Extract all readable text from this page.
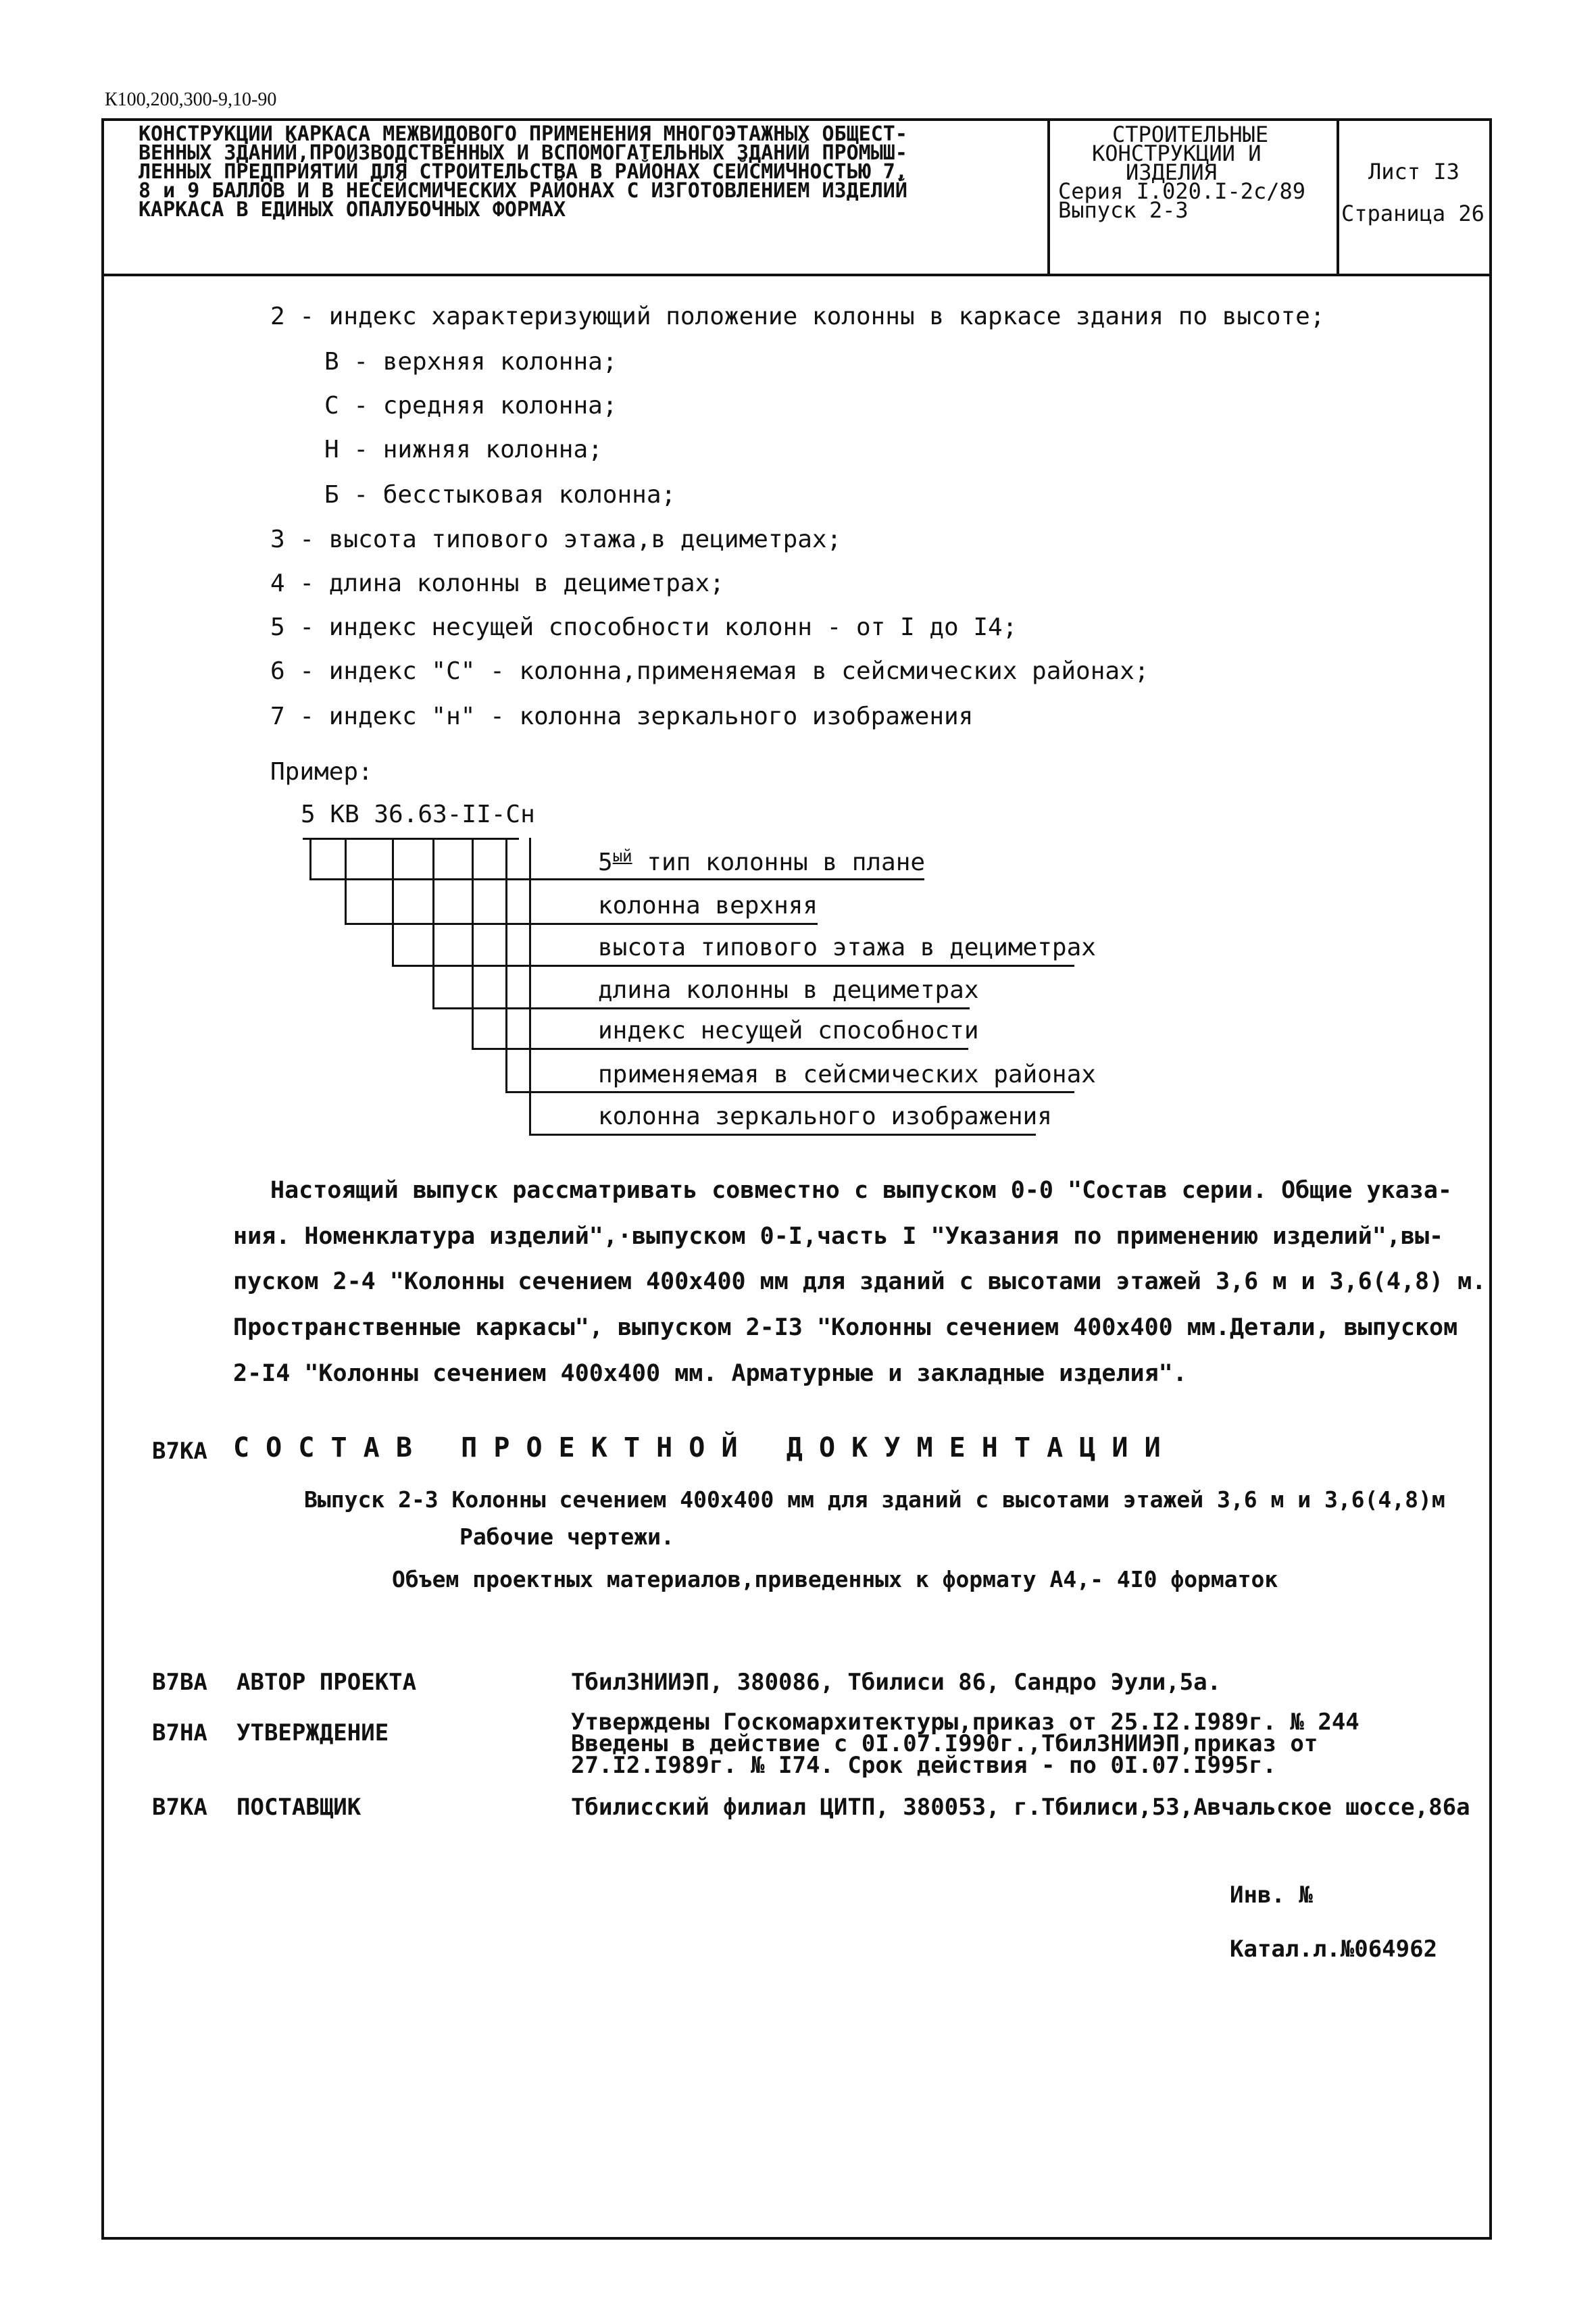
К100,200,300-9,10-90
КОНСТРУКЦИИ КАРКАСА МЕЖВИДОВОГО ПРИМЕНЕНИЯ МНОГОЭТАЖНЫХ ОБЩЕСТ-
ВЕННЫХ ЗДАНИЙ,ПРОИЗВОДСТВЕННЫХ И ВСПОМОГАТЕЛЬНЫХ ЗДАНИЙ ПРОМЫШ-
ЛЕННЫХ ПРЕДПРИЯТИЙ ДЛЯ СТРОИТЕЛЬСТВА В РАЙОНАХ СЕЙСМИЧНОСТЬЮ 7,
8 и 9 БАЛЛОВ И В НЕСЕЙСМИЧЕСКИХ РАЙОНАХ С ИЗГОТОВЛЕНИЕМ ИЗДЕЛИЙ
КАРКАСА В ЕДИНЫХ ОПАЛУБОЧНЫХ ФОРМАХ
СТРОИТЕЛЬНЫЕ
КОНСТРУКЦИИ И
ИЗДЕЛИЯ
Серия I.020.I-2с/89
Выпуск 2-3
Лист I3
Страница 26
2 - индекс характеризующий положение колонны в каркасе здания по высоте;
В - верхняя колонна;
С - средняя колонна;
Н - нижняя колонна;
Б - бесстыковая колонна;
3 - высота типового этажа,в дециметрах;
4 - длина колонны в дециметрах;
5 - индекс несущей способности колонн - от I до I4;
6 - индекс "С" - колонна,применяемая в сейсмических районах;
7 - индекс "н" - колонна зеркального изображения
Пример:
5 КВ 36.63-II-Сн
$5^{ый}$ тип колонны в плане
колонна верхняя
высота типового этажа в дециметрах
длина колонны в дециметрах
индекс несущей способности
применяемая в сейсмических районах
колонна зеркального изображения
Настоящий выпуск рассматривать совместно с выпуском 0-0 "Состав серии. Общие указа-
ния. Номенклатура изделий",·выпуском 0-I,часть I "Указания по применению изделий",вы-
пуском 2-4 "Колонны сечением 400х400 мм для зданий с высотами этажей 3,6 м и 3,6(4,8) м.
Пространственные каркасы", выпуском 2-I3 "Колонны сечением 400х400 мм.Детали, выпуском
2-I4 "Колонны сечением 400х400 мм. Арматурные и закладные изделия".
В7КА С О С Т А В   П Р О Е К Т Н О Й   Д О К У М Е Н Т А Ц И И
Выпуск 2-3 Колонны сечением 400х400 мм для зданий с высотами этажей 3,6 м и 3,6(4,8)м
Рабочие чертежи.
Объем проектных материалов,приведенных к формату А4,- 4I0 форматок
В7ВА АВТОР ПРОЕКТА	ТбилЗНИИЭП, 380086, Тбилиси 86, Сандро Эули,5а.
В7НА УТВЕРЖДЕНИЕ	Утверждены Госкомархитектуры,приказ от 25.I2.I989г. № 244
Введены в действие с 0I.07.I990г.,ТбилЗНИИЭП,приказ от
27.I2.I989г. № I74. Срок действия - по 0I.07.I995г.
В7КА ПОСТАВЩИК	Тбилисский филиал ЦИТП, 380053, г.Тбилиси,53,Авчальское шоссе,86а
Инв. №
Катал.л.№064962
